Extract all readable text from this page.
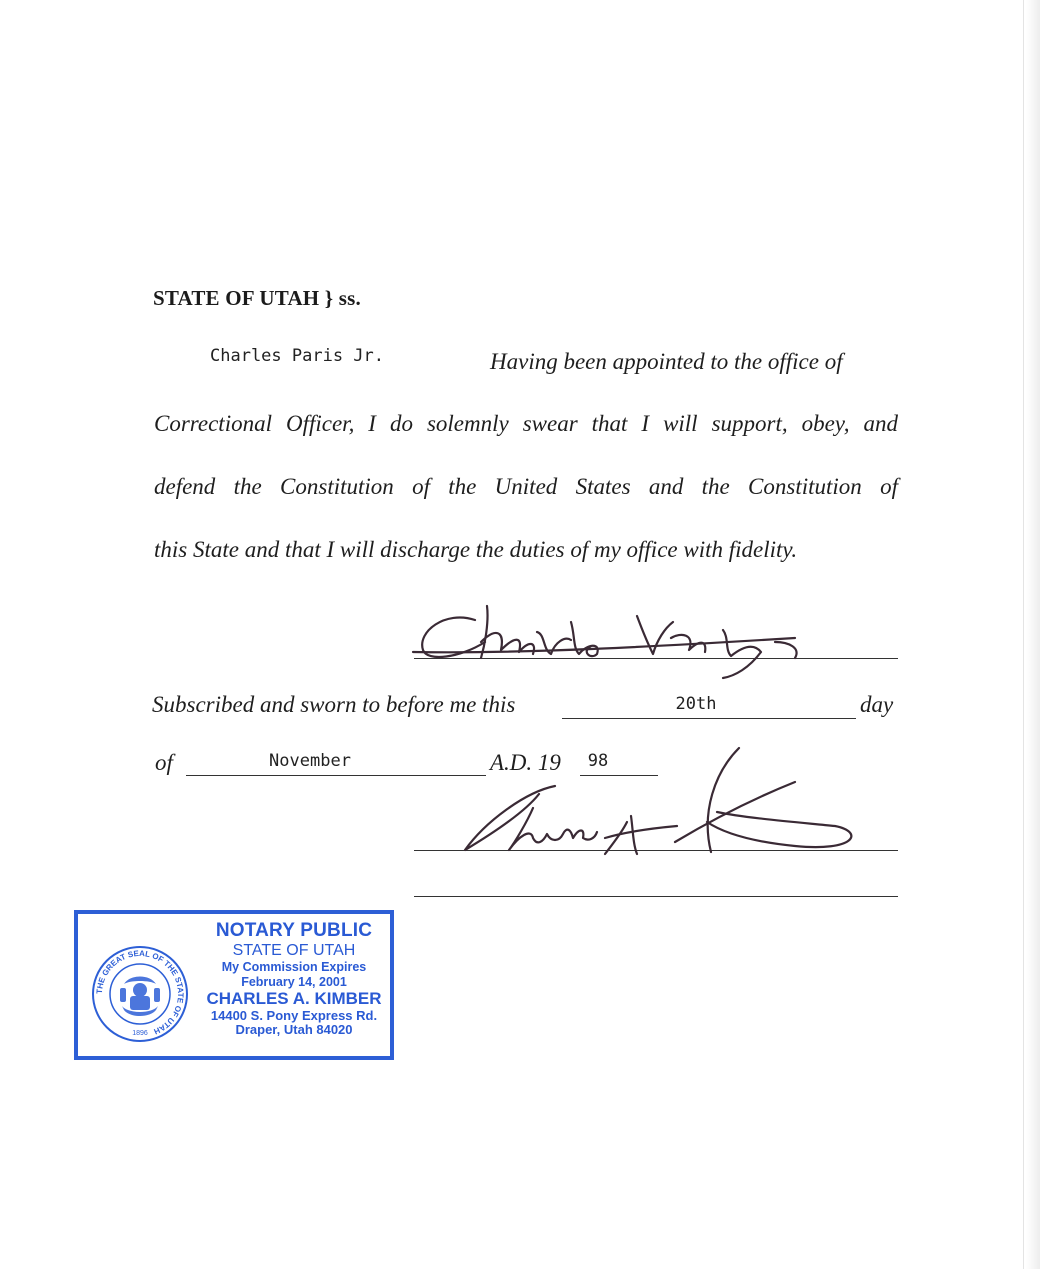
STATE OF UTAH } ss.
Charles Paris Jr.	Having been appointed to the office of
Correctional Officer, I do solemnly swear that I will support, obey, and
defend the Constitution of the United States and the Constitution of
this State and that I will discharge the duties of my office with fidelity.
Subscribed and sworn to before me this	20th	day
of	November	A.D. 19	98
THE GREAT SEAL OF THE STATE OF UTAH
1896
NOTARY PUBLIC
STATE OF UTAH
My Commission Expires
February 14, 2001
CHARLES A. KIMBER
14400 S. Pony Express Rd.
Draper, Utah 84020
